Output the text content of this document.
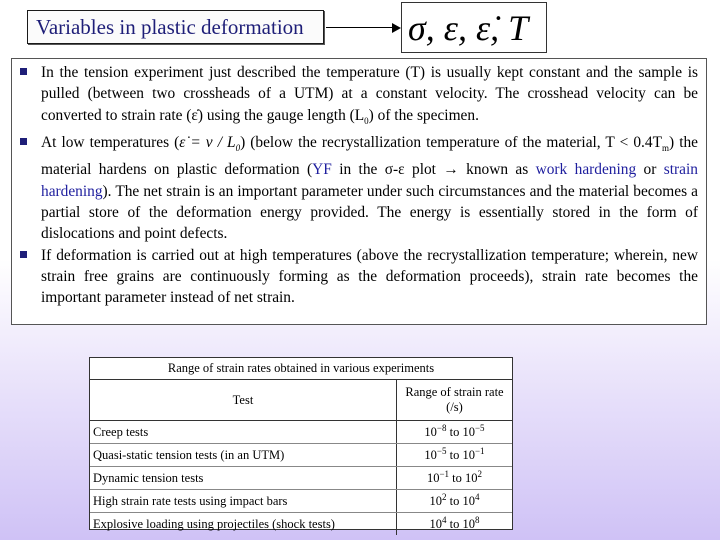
Variables in plastic deformation	σ, ε, ε̇, T
In the tension experiment just described the temperature (T) is usually kept constant and the sample is pulled (between two crossheads of a UTM) at a constant velocity. The crosshead velocity can be converted to strain rate (ε̇) using the gauge length $(L_0)$ of the specimen.
At low temperatures (ε̇ = v / $L_0$) (below the recrystallization temperature of the material, $T < 0.4T_m$) the material hardens on plastic deformation (YF in the σ-ε plot → known as work hardening or strain hardening). The net strain is an important parameter under such circumstances and the material becomes a partial store of the deformation energy provided. The energy is essentially stored in the form of dislocations and point defects.
If deformation is carried out at high temperatures (above the recrystallization temperature; wherein, new strain free grains are continuously forming as the deformation proceeds), strain rate becomes the important parameter instead of net strain.
Range of strain rates obtained in various experiments	
Test	Range of strain rate
(/s)
Creep tests	$10^{-8}$ to $10^{-5}$
Quasi-static tension tests (in an UTM)	$10^{-5}$ to $10^{-1}$
Dynamic tension tests	$10^{-1}$ to $10^2$
High strain rate tests using impact bars	$10^2$ to $10^4$
Explosive loading using projectiles (shock tests)	$10^4$ to $10^8$
